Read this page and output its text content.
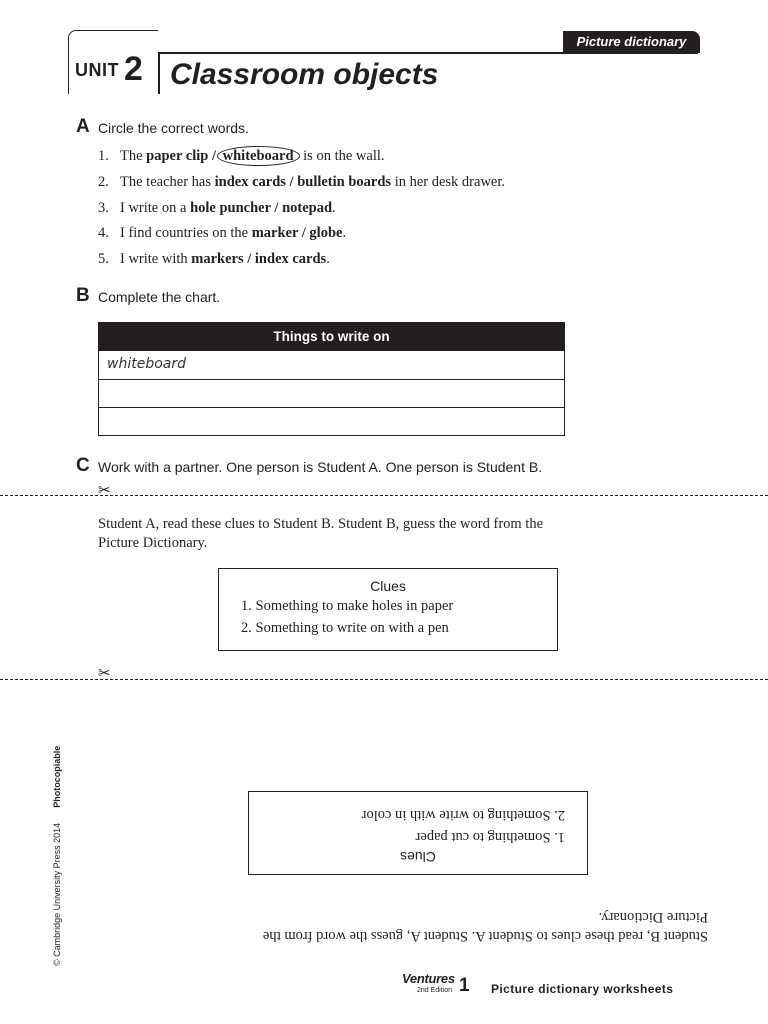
UNIT 2
Picture dictionary
Classroom objects
A Circle the correct words.
1. The paper clip / whiteboard is on the wall.
2. The teacher has index cards / bulletin boards in her desk drawer.
3. I write on a hole puncher / notepad.
4. I find countries on the marker / globe.
5. I write with markers / index cards.
B Complete the chart.
Things to write on
whiteboard
C Work with a partner. One person is Student A. One person is Student B.
✂
Student A, read these clues to Student B. Student B, guess the word from the
Picture Dictionary.
Clues
1. Something to make holes in paper
2. Something to write on with a pen
✂
Student B, read these clues to Student A. Student A, guess the word from the
Picture Dictionary.
Clues
1. Something to cut paper
2. Something to write with in color
© Cambridge University Press 2014      Photocopiable
Ventures
2nd Edition 1 Picture dictionary worksheets
